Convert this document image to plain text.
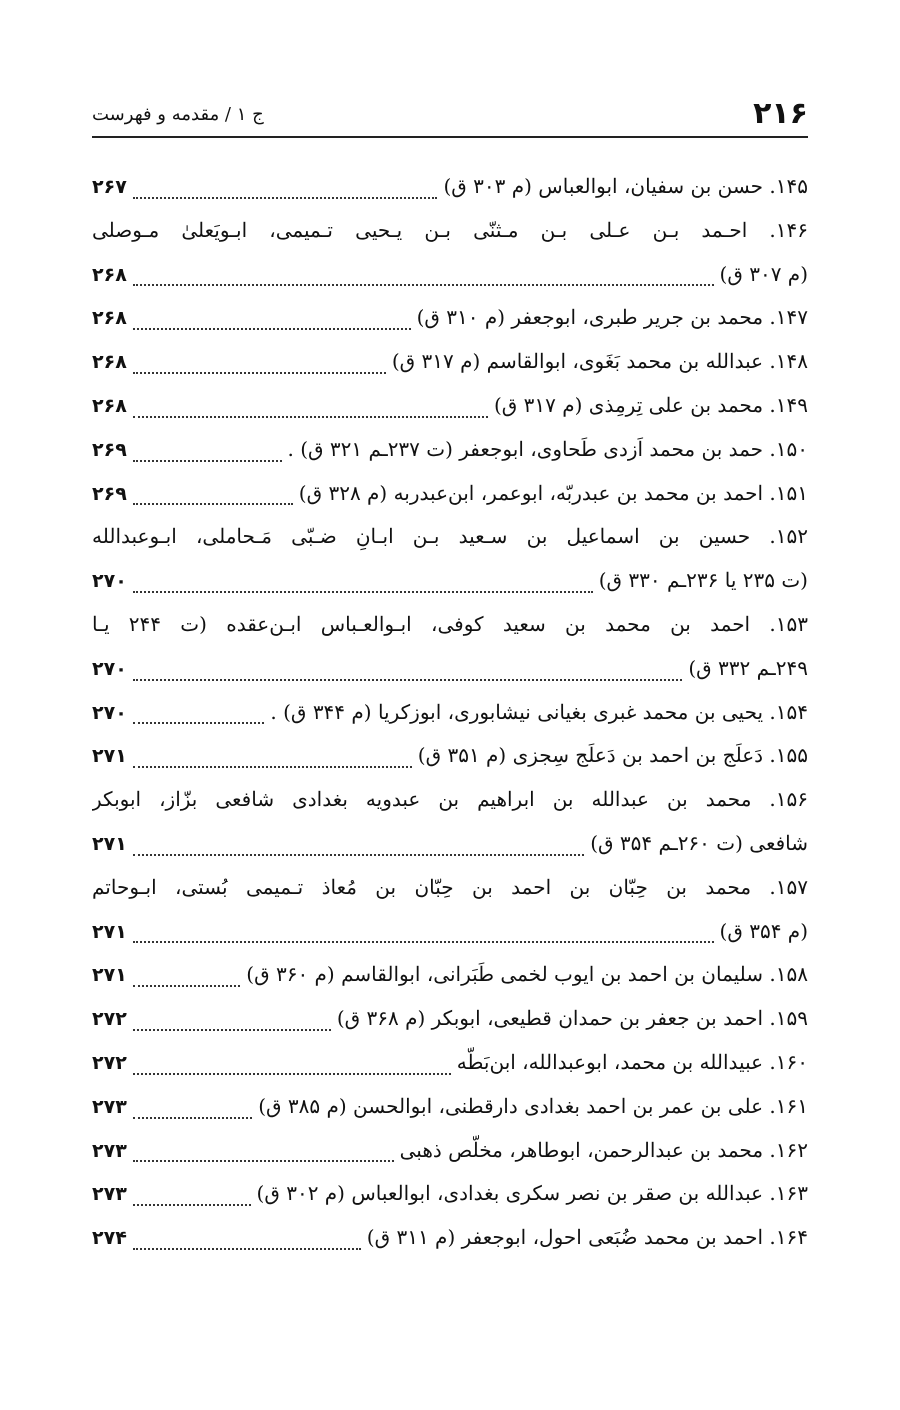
۲۱۶
ج ۱ / مقدمه و فهرست
۱۴۵. حسن بن سفیان، ابوالعباس (م ۳۰۳ ق)
۲۶۷
۱۴۶. احـمد بـن عـلی بـن مـثنّی بـن یـحیی تـمیمی، ابـویَعلیٰ مـوصلی
(م ۳۰۷ ق)
۲۶۸
۱۴۷. محمد بن جریر طبری، ابوجعفر (م ۳۱۰ ق)
۲۶۸
۱۴۸. عبدالله بن محمد بَغَوی، ابوالقاسم (م ۳۱۷ ق)
۲۶۸
۱۴۹. محمد بن علی تِرمِذی (م ۳۱۷ ق)
۲۶۸
۱۵۰. حمد بن محمد اَزدی طَحاوی، ابوجعفر (ت ۲۳۷ـم ۳۲۱ ق) .
۲۶۹
۱۵۱. احمد بن محمد بن عبدربّه، ابوعمر، ابن‌عبدربه (م ۳۲۸ ق)
۲۶۹
۱۵۲. حسین بن اسماعیل بن سـعید بـن ابـانِ ضـبّی مَـحاملی، ابـوعبدالله
(ت ۲۳۵ یا ۲۳۶ـم ۳۳۰ ق)
۲۷۰
۱۵۳. احمد بن محمد بن سعید کوفی، ابـوالعـباس ابـن‌عقده (ت ۲۴۴ یـا
۲۴۹ـم ۳۳۲ ق)
۲۷۰
۱۵۴. یحیی بن محمد غبری بغیانی نیشابوری، ابوزکریا (م ۳۴۴ ق) .
۲۷۰
۱۵۵. دَعلَج بن احمد بن دَعلَج سِجزی (م ۳۵۱ ق)
۲۷۱
۱۵۶. محمد بن عبدالله بن ابراهیم بن عبدویه بغدادی شافعی بزّاز، ابوبکر
شافعی (ت ۲۶۰ـم ۳۵۴ ق)
۲۷۱
۱۵۷. محمد بن حِبّان بن احمد بن حِبّان بن مُعاذ تـمیمی بُستی، ابـوحاتم
(م ۳۵۴ ق)
۲۷۱
۱۵۸. سلیمان بن احمد بن ایوب لخمی طَبَرانی، ابوالقاسم (م ۳۶۰ ق)
۲۷۱
۱۵۹. احمد بن جعفر بن حمدان قطیعی، ابوبکر (م ۳۶۸ ق)
۲۷۲
۱۶۰. عبیدالله بن محمد، ابوعبدالله، ابن‌بَطّه
۲۷۲
۱۶۱. علی بن عمر بن احمد بغدادی دارقطنی، ابوالحسن (م ۳۸۵ ق)
۲۷۳
۱۶۲. محمد بن عبدالرحمن، ابوطاهر، مخلّص ذهبی
۲۷۳
۱۶۳. عبدالله بن صقر بن نصر سکری بغدادی، ابوالعباس (م ۳۰۲ ق)
۲۷۳
۱۶۴. احمد بن محمد ضُبَعی احول، ابوجعفر (م ۳۱۱ ق)
۲۷۴
